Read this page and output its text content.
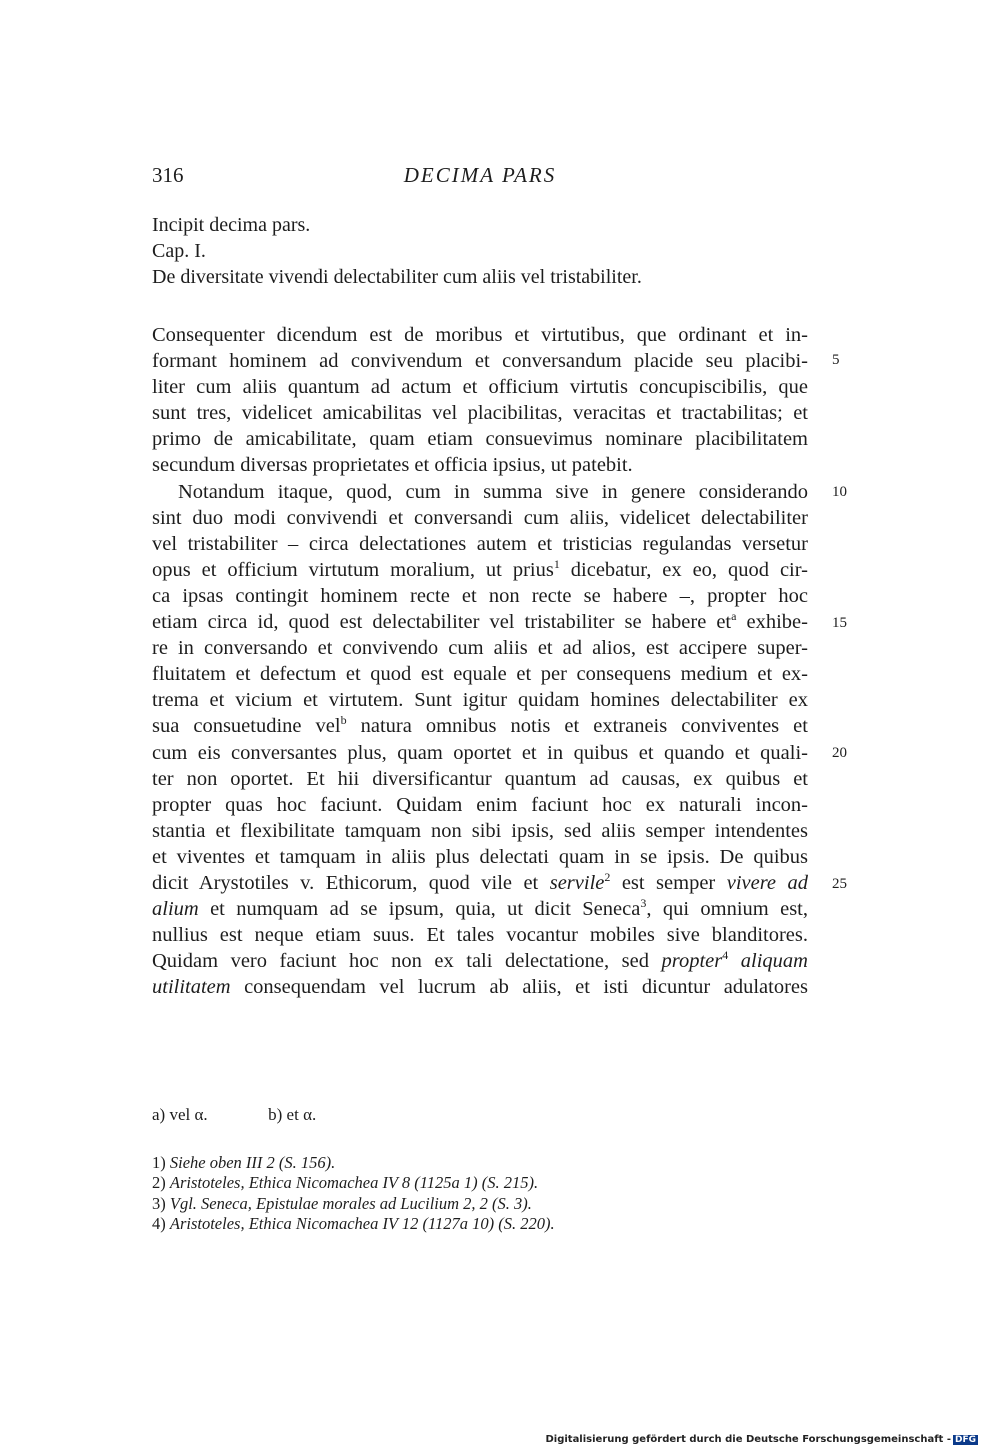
316	DECIMA PARS
Incipit decima pars.
Cap. I.
De diversitate vivendi delectabiliter cum aliis vel tristabiliter.
Consequenter dicendum est de moribus et virtutibus, que ordinant et in-
formant hominem ad convivendum et conversandum placide seu placibi-
liter cum aliis quantum ad actum et officium virtutis concupiscibilis, que
sunt tres, videlicet amicabilitas vel placibilitas, veracitas et tractabilitas; et
primo de amicabilitate, quam etiam consuevimus nominare placibilitatem
secundum diversas proprietates et officia ipsius, ut patebit.
Notandum itaque, quod, cum in summa sive in genere considerando
sint duo modi convivendi et conversandi cum aliis, videlicet delectabiliter
vel tristabiliter – circa delectationes autem et tristicias regulandas versetur
opus et officium virtutum moralium, ut prius$^1$ dicebatur, ex eo, quod cir-
ca ipsas contingit hominem recte et non recte se habere –, propter hoc
etiam circa id, quod est delectabiliter vel tristabiliter se habere $et^a$ exhibe-
re in conversando et convivendo cum aliis et ad alios, est accipere super-
fluitatem et defectum et quod est equale et per consequens medium et ex-
trema et vicium et virtutem. Sunt igitur quidam homines delectabiliter ex
sua consuetudine vel$^b$ natura omnibus notis et extraneis conviventes et
cum eis conversantes plus, quam oportet et in quibus et quando et quali-
ter non oportet. Et hii diversificantur quantum ad causas, ex quibus et
propter quas hoc faciunt. Quidam enim faciunt hoc ex naturali incon-
stantia et flexibilitate tamquam non sibi ipsis, sed aliis semper intendentes
et viventes et tamquam in aliis plus delectati quam in se ipsis. De quibus
dicit Arystotiles v. Ethicorum, quod vile et servile$^2$ est semper vivere ad
alium et numquam ad se ipsum, quia, ut dicit Seneca$^3$, qui omnium est,
nullius est neque etiam suus. Et tales vocantur mobiles sive blanditores.
Quidam vero faciunt hoc non ex tali delectatione, sed propter$^4$ aliquam
utilitatem consequendam vel lucrum ab aliis, et isti dicuntur adulatores
5
10
15
20
25
a) vel α.	b) et α.
1) Siehe oben III 2 (S. 156).
2) Aristoteles, Ethica Nicomachea IV 8 (1125a 1) (S. 215).
3) Vgl. Seneca, Epistulae morales ad Lucilium 2, 2 (S. 3).
4) Aristoteles, Ethica Nicomachea IV 12 (1127a 10) (S. 220).
Digitalisierung gefördert durch die Deutsche Forschungsgemeinschaft - DFG
